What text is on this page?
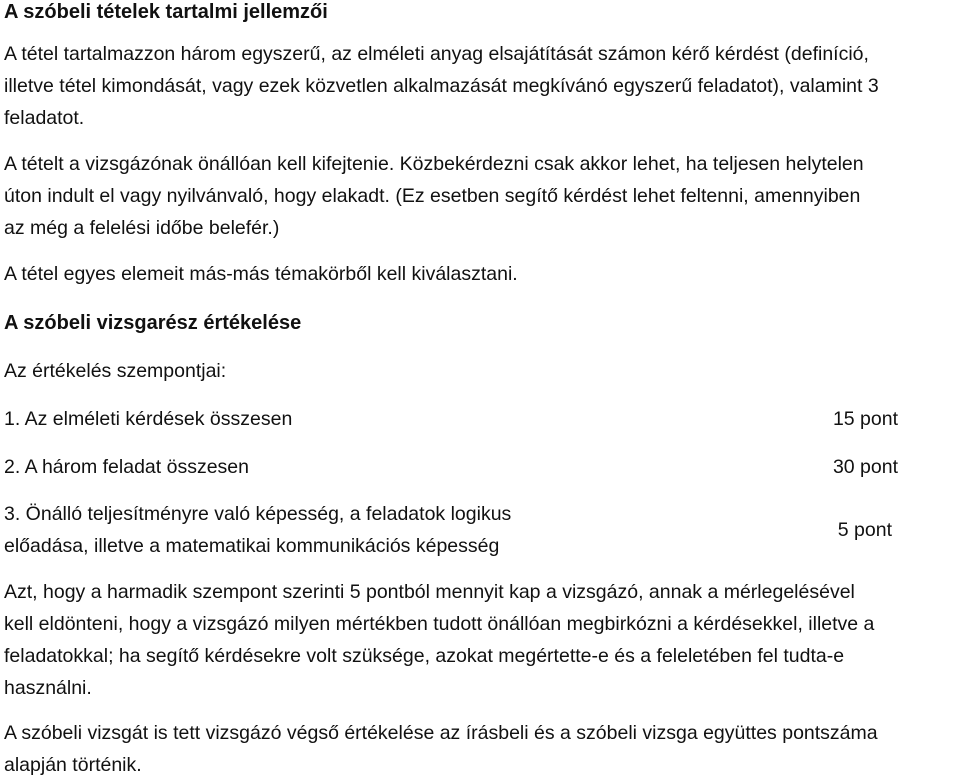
A szóbeli tételek tartalmi jellemzői
A tétel tartalmazzon három egyszerű, az elméleti anyag elsajátítását számon kérő kérdést (definíció,
illetve tétel kimondását, vagy ezek közvetlen alkalmazását megkívánó egyszerű feladatot), valamint 3
feladatot.
A tételt a vizsgázónak önállóan kell kifejtenie. Közbekérdezni csak akkor lehet, ha teljesen helytelen
úton indult el vagy nyilvánvaló, hogy elakadt. (Ez esetben segítő kérdést lehet feltenni, amennyiben
az még a felelési időbe belefér.)
A tétel egyes elemeit más-más témakörből kell kiválasztani.
A szóbeli vizsgarész értékelése
Az értékelés szempontjai:
1. Az elméleti kérdések összesen	15 pont
2. A három feladat összesen	30 pont
3. Önálló teljesítményre való képesség, a feladatok logikus
előadása, illetve a matematikai kommunikációs képesség
5 pont
Azt, hogy a harmadik szempont szerinti 5 pontból mennyit kap a vizsgázó, annak a mérlegelésével
kell eldönteni, hogy a vizsgázó milyen mértékben tudott önállóan megbirkózni a kérdésekkel, illetve a
feladatokkal; ha segítő kérdésekre volt szüksége, azokat megértette-e és a feleletében fel tudta-e
használni.
A szóbeli vizsgát is tett vizsgázó végső értékelése az írásbeli és a szóbeli vizsga együttes pontszáma
alapján történik.
